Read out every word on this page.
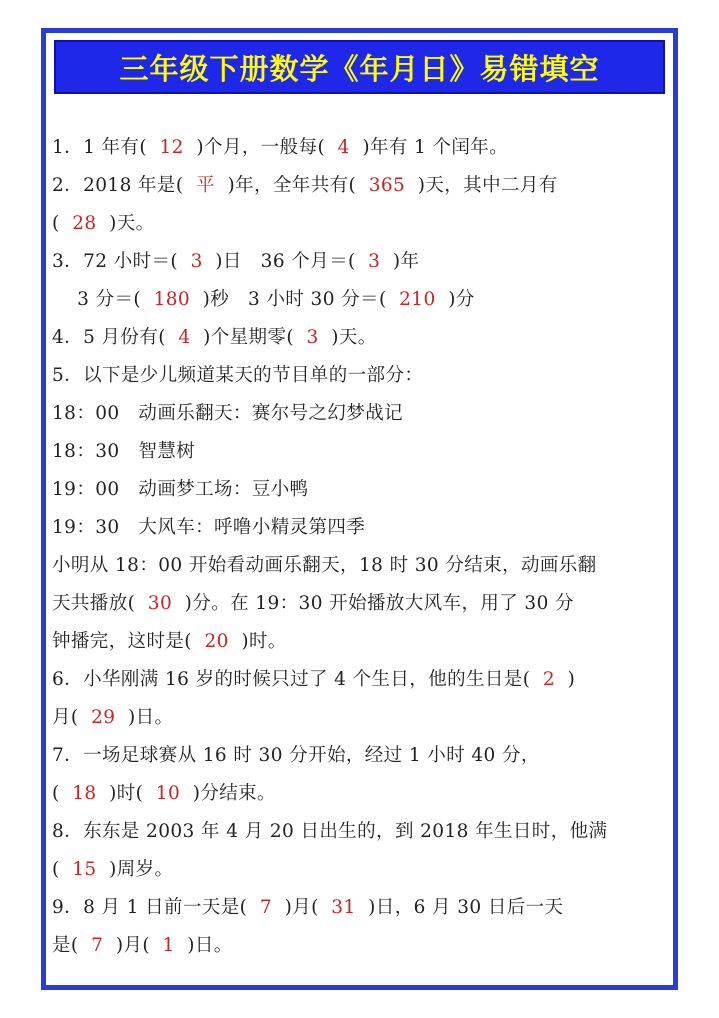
三年级下册数学《年月日》易错填空
1．1 年有(  12  )个月，一般每(  4  )年有 1 个闰年。
2．2018 年是(  平  )年，全年共有(  365  )天，其中二月有
(  28  )天。
3．72 小时＝(  3  )日   36 个月＝(  3  )年
3 分＝(  180  )秒   3 小时 30 分＝(  210  )分
4．5 月份有(  4  )个星期零(  3  )天。
5．以下是少儿频道某天的节目单的一部分：
18：00   动画乐翻天：赛尔号之幻梦战记
18：30   智慧树
19：00   动画梦工场：豆小鸭
19：30   大风车：呼噜小精灵第四季
小明从 18：00 开始看动画乐翻天，18 时 30 分结束，动画乐翻
天共播放(  30  )分。在 19：30 开始播放大风车，用了 30 分
钟播完，这时是(  20  )时。
6．小华刚满 16 岁的时候只过了 4 个生日，他的生日是(  2  )
月(  29  )日。
7．一场足球赛从 16 时 30 分开始，经过 1 小时 40 分，
(  18  )时(  10  )分结束。
8．东东是 2003 年 4 月 20 日出生的，到 2018 年生日时，他满
(  15  )周岁。
9．8 月 1 日前一天是(  7  )月(  31  )日，6 月 30 日后一天
是(  7  )月(  1  )日。
